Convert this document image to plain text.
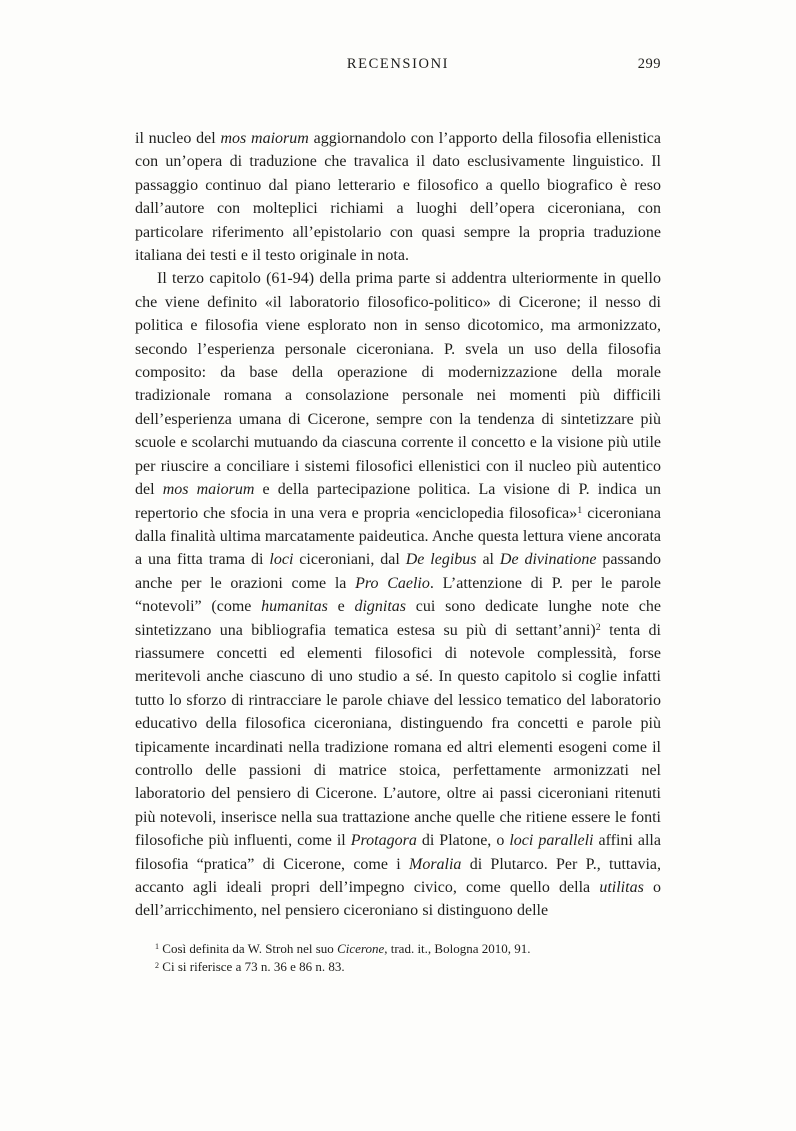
RECENSIONI	299

il nucleo del mos maiorum aggiornandolo con l’apporto della filosofia ellenistica con un’opera di traduzione che travalica il dato esclusivamente linguistico. Il passaggio continuo dal piano letterario e filosofico a quello biografico è reso dall’autore con molteplici richiami a luoghi dell’opera ciceroniana, con particolare riferimento all’epistolario con quasi sempre la propria traduzione italiana dei testi e il testo originale in nota.

Il terzo capitolo (61-94) della prima parte si addentra ulteriormente in quello che viene definito «il laboratorio filosofico-politico» di Cicerone; il nesso di politica e filosofia viene esplorato non in senso dicotomico, ma armonizzato, secondo l’esperienza personale ciceroniana. P. svela un uso della filosofia composito: da base della operazione di modernizzazione della morale tradizionale romana a consolazione personale nei momenti più difficili dell’esperienza umana di Cicerone, sempre con la tendenza di sintetizzare più scuole e scolarchi mutuando da ciascuna corrente il concetto e la visione più utile per riuscire a conciliare i sistemi filosofici ellenistici con il nucleo più autentico del mos maiorum e della partecipazione politica. La visione di P. indica un repertorio che sfocia in una vera e propria «enciclopedia filosofica»$^1$ ciceroniana dalla finalità ultima marcatamente paideutica. Anche questa lettura viene ancorata a una fitta trama di loci ciceroniani, dal De legibus al De divinatione passando anche per le orazioni come la Pro Caelio. L’attenzione di P. per le parole “notevoli” (come humanitas e dignitas cui sono dedicate lunghe note che sintetizzano una bibliografia tematica estesa su più di settant’anni)$^2$ tenta di riassumere concetti ed elementi filosofici di notevole complessità, forse meritevoli anche ciascuno di uno studio a sé. In questo capitolo si coglie infatti tutto lo sforzo di rintracciare le parole chiave del lessico tematico del laboratorio educativo della filosofica ciceroniana, distinguendo fra concetti e parole più tipicamente incardinati nella tradizione romana ed altri elementi esogeni come il controllo delle passioni di matrice stoica, perfettamente armonizzati nel laboratorio del pensiero di Cicerone. L’autore, oltre ai passi ciceroniani ritenuti più notevoli, inserisce nella sua trattazione anche quelle che ritiene essere le fonti filosofiche più influenti, come il Protagora di Platone, o loci paralleli affini alla filosofia “pratica” di Cicerone, come i Moralia di Plutarco. Per P., tuttavia, accanto agli ideali propri dell’impegno civico, come quello della utilitas o dell’arricchimento, nel pensiero ciceroniano si distinguono delle

$^1$ Così definita da W. Stroh nel suo Cicerone, trad. it., Bologna 2010, 91.

$^2$ Ci si riferisce a 73 n. 36 e 86 n. 83.
